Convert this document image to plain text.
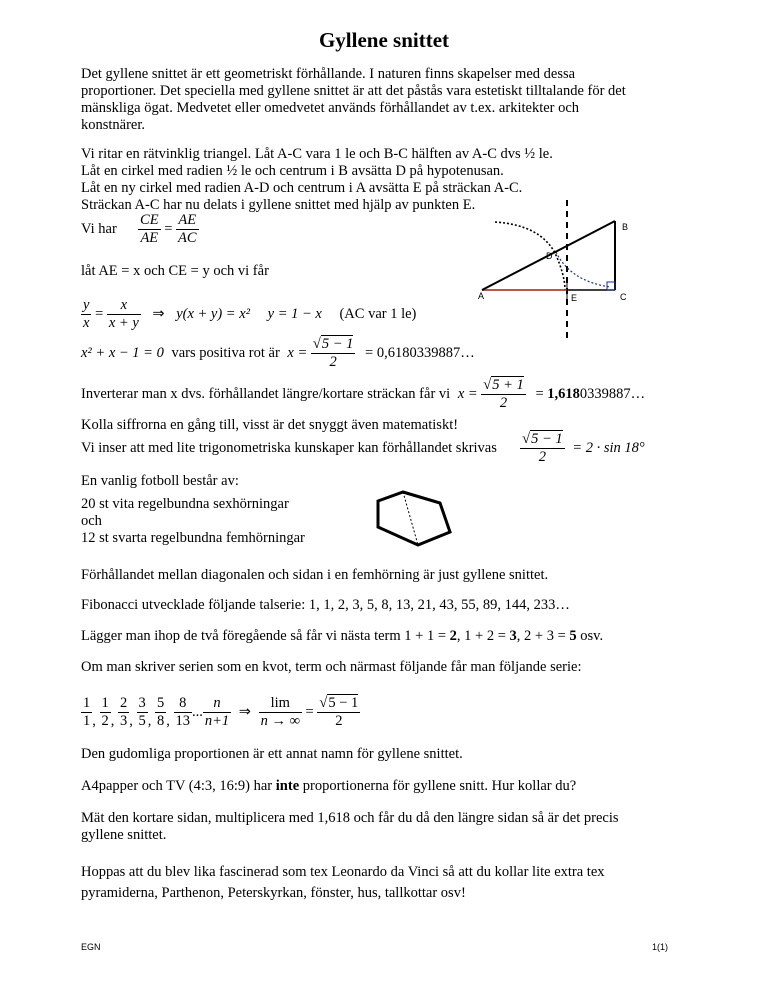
Gyllene snittet
Det gyllene snittet är ett geometriskt förhållande. I naturen finns skapelser med dessa
proportioner. Det speciella med gyllene snittet är att det påstås vara estetiskt tilltalande för det
mänskliga ögat. Medvetet eller omedvetet används förhållandet av t.ex. arkitekter och
konstnärer.
Vi ritar en rätvinklig triangel. Låt A-C vara 1 le och B-C hälften av A-C dvs ½ le.
Låt en cirkel med radien ½ le och centrum i B avsätta D på hypotenusan.
Låt en ny cirkel med radien A-D och centrum i A avsätta E på sträckan A-C.
Sträckan A-C har nu delats i gyllene snittet med hjälp av punkten E.
Vi har $\frac{CE}{AE} = \frac{AE}{AC}$
låt AE = x och CE = y och vi får
$\frac{y}{x} = \frac{x}{x + y}$ ⇒ y(x + y) = x² y = 1 − x (AC var 1 le)
x² + x − 1 = 0 vars positiva rot är $x = \frac{√5 - 1}{2}$ = 0,6180339887…
Inverterar man x dvs. förhållandet längre/kortare sträckan får vi $x = \frac{√5 + 1}{2}$ = 1,6180339887…
Kolla siffrorna en gång till, visst är det snyggt även matematiskt!
Vi inser att med lite trigonometriska kunskaper kan förhållandet skrivas $\frac{√5 - 1}{2} = 2 \cdot \sin 18^\circ$
En vanlig fotboll består av:
20 st vita regelbundna sexhörningar
och
12 st svarta regelbundna femhörningar
Förhållandet mellan diagonalen och sidan i en femhörning är just gyllene snittet.
Fibonacci utvecklade följande talserie: 1, 1, 2, 3, 5, 8, 13, 21, 43, 55, 89, 144, 233…
Lägger man ihop de två föregående så får vi nästa term 1 + 1 = 2, 1 + 2 = 3, 2 + 3 = 5 osv.
Om man skriver serien som en kvot, term och närmast följande får man följande serie:
$\frac{1}{1}$ , $\frac{1}{2}$ , $\frac{2}{3}$ , $\frac{3}{5}$ , $\frac{5}{8}$ , $\frac{8}{13}$ ... $\frac{n}{n+1}$ ⇒ $\frac{\lim}{n \to \infty} = \frac{√5 - 1}{2}$
Den gudomliga proportionen är ett annat namn för gyllene snittet.
A4papper och TV (4:3, 16:9) har inte proportionerna för gyllene snitt. Hur kollar du?
Mät den kortare sidan, multiplicera med 1,618 och får du då den längre sidan så är det precis
gyllene snittet.
Hoppas att du blev lika fascinerad som tex Leonardo da Vinci så att du kollar lite extra tex
pyramiderna, Parthenon, Peterskyrkan, fönster, hus, tallkottar osv!
EGN	1(1)
A
B
C
D
E
